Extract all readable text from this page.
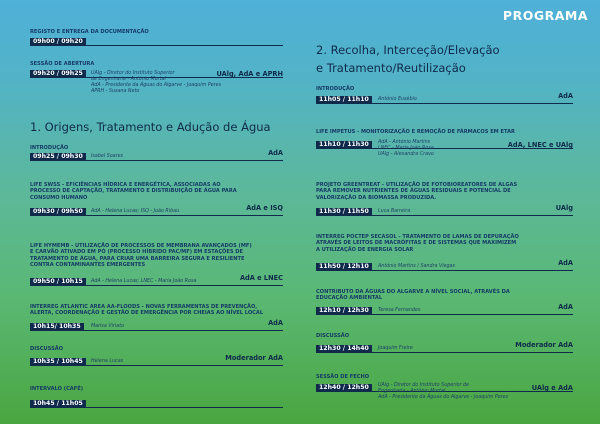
PROGRAMA
REGISTO E ENTREGA DA DOCUMENTAÇÃO
09h00 / 09h20
SESSÃO DE ABERTURA
09h20 / 09h25	UAlg, AdA e APRH
UAlg - Diretor do Instituto Superior
de Engenharia - António Mortal
AdA - Presidente da Águas do Algarve - Joaquim Peres
APRH - Susana Neto
1. Origens, Tratamento e Adução de Água
INTRODUÇÃO
09h25 / 09h30	Isabel Soares	AdA
LIFE SWSS - EFICIÊNCIAS HÍDRICA E ENERGÉTICA, ASSOCIADAS AO
PROCESSO DE CAPTAÇÃO, TRATAMENTO E DISTRIBUIÇÃO DE ÁGUA PARA
CONSUMO HUMANO
09h30 / 09h50	AdA - Helena Lucas; ISQ - João Ribau	AdA e ISQ
LIFE HYMEMB - UTILIZAÇÃO DE PROCESSOS DE MEMBRANA AVANÇADOS (MF)
E CARVÃO ATIVADO EM PÓ (PROCESSO HÍBRIDO PAC/MF) EM ESTAÇÕES DE
TRATAMENTO DE ÁGUA, PARA CRIAR UMA BARREIRA SEGURA E RESILIENTE
CONTRA CONTAMINANTES EMERGENTES
09h50 / 10h15	AdA - Helena Lucas; LNEC - Maria João Rosa	AdA e LNEC
INTERREG ATLANTIC AREA AA-FLOODS - NOVAS FERRAMENTAS DE PREVENÇÃO,
ALERTA, COORDENAÇÃO E GESTÃO DE EMERGÊNCIA POR CHEIAS AO NÍVEL LOCAL
10h15/ 10h35	Marisa Viriato	AdA
DISCUSSÃO
10h35 / 10h45	Helena Lucas	Moderador AdA
INTERVALO (CAFÉ)
10h45 / 11h05
2. Recolha, Interceção/Elevação
e Tratamento/Reutilização
INTRODUÇÃO
11h05 / 11h10	António Eusébio	AdA
LIFE IMPETUS - MONITORIZAÇÃO E REMOÇÃO DE FÁRMACOS EM ETAR
11h10 / 11h30	AdA, LNEC e UAlg
AdA - António Martins
LNEC - Maria João Rosa
UAlg - Alexandra Cravo
PROJETO GREENTREAT - UTILIZAÇÃO DE FOTOBIOREATORES DE ALGAS
PARA REMOVER NUTRIENTES DE ÁGUAS RESIDUAIS E POTENCIAL DE
VALORIZAÇÃO DA BIOMASSA PRODUZIDA.
11h30 / 11h50	Luca Barreira	UAlg
INTERREG POCTEP SECASOL - TRATAMENTO DE LAMAS DE DEPURAÇÃO
ATRAVÉS DE LEITOS DE MACRÓFITAS E DE SISTEMAS QUE MAXIMIZEM
A UTILIZAÇÃO DE ENERGIA SOLAR
11h50 / 12h10	António Martins / Sandra Viegas	AdA
CONTRIBUTO DA ÁGUAS DO ALGARVE A NÍVEL SOCIAL, ATRAVÉS DA
EDUCAÇÃO AMBIENTAL
12h10 / 12h30	Teresa Fernandes	AdA
DISCUSSÃO
12h30 / 14h40	Joaquim Freire	Moderador AdA
SESSÃO DE FECHO
12h40 / 12h50	UAlg e AdA
UAlg - Diretor do Instituto Superior de
Engenharia - António Mortal
AdA - Presidente da Águas do Algarve - Joaquim Peres
